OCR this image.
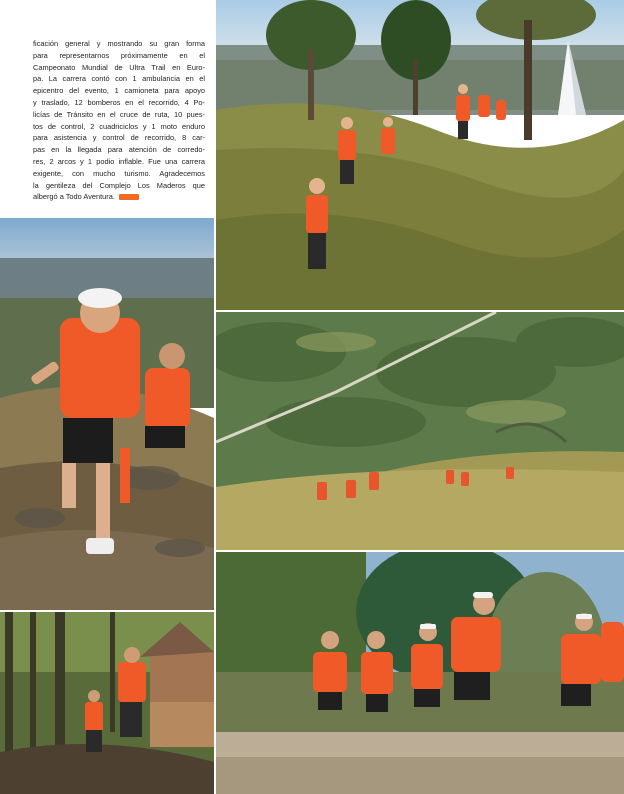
ficación general y mostrando su gran forma
para representarnos próximamente en el
Campeonato Mundial de Ultra Trail en Euro-
pa. La carrera contó con 1 ambulancia en el
epicentro del evento, 1 camioneta para apoyo
y traslado, 12 bomberos en el recorrido, 4 Po-
licías de Tránsito en el cruce de ruta, 10 pues-
tos de control, 2 cuadriciclos y 1 moto enduro
para asistencia y control de recorrido, 8 car-
pas en la llegada para atención de corredo-
res, 2 arcos y 1 podio inflable. Fue una carrera
exigente, con mucho turismo. Agradecemos
la gentileza del Complejo Los Maderos que
albergó a Todo Aventura.
